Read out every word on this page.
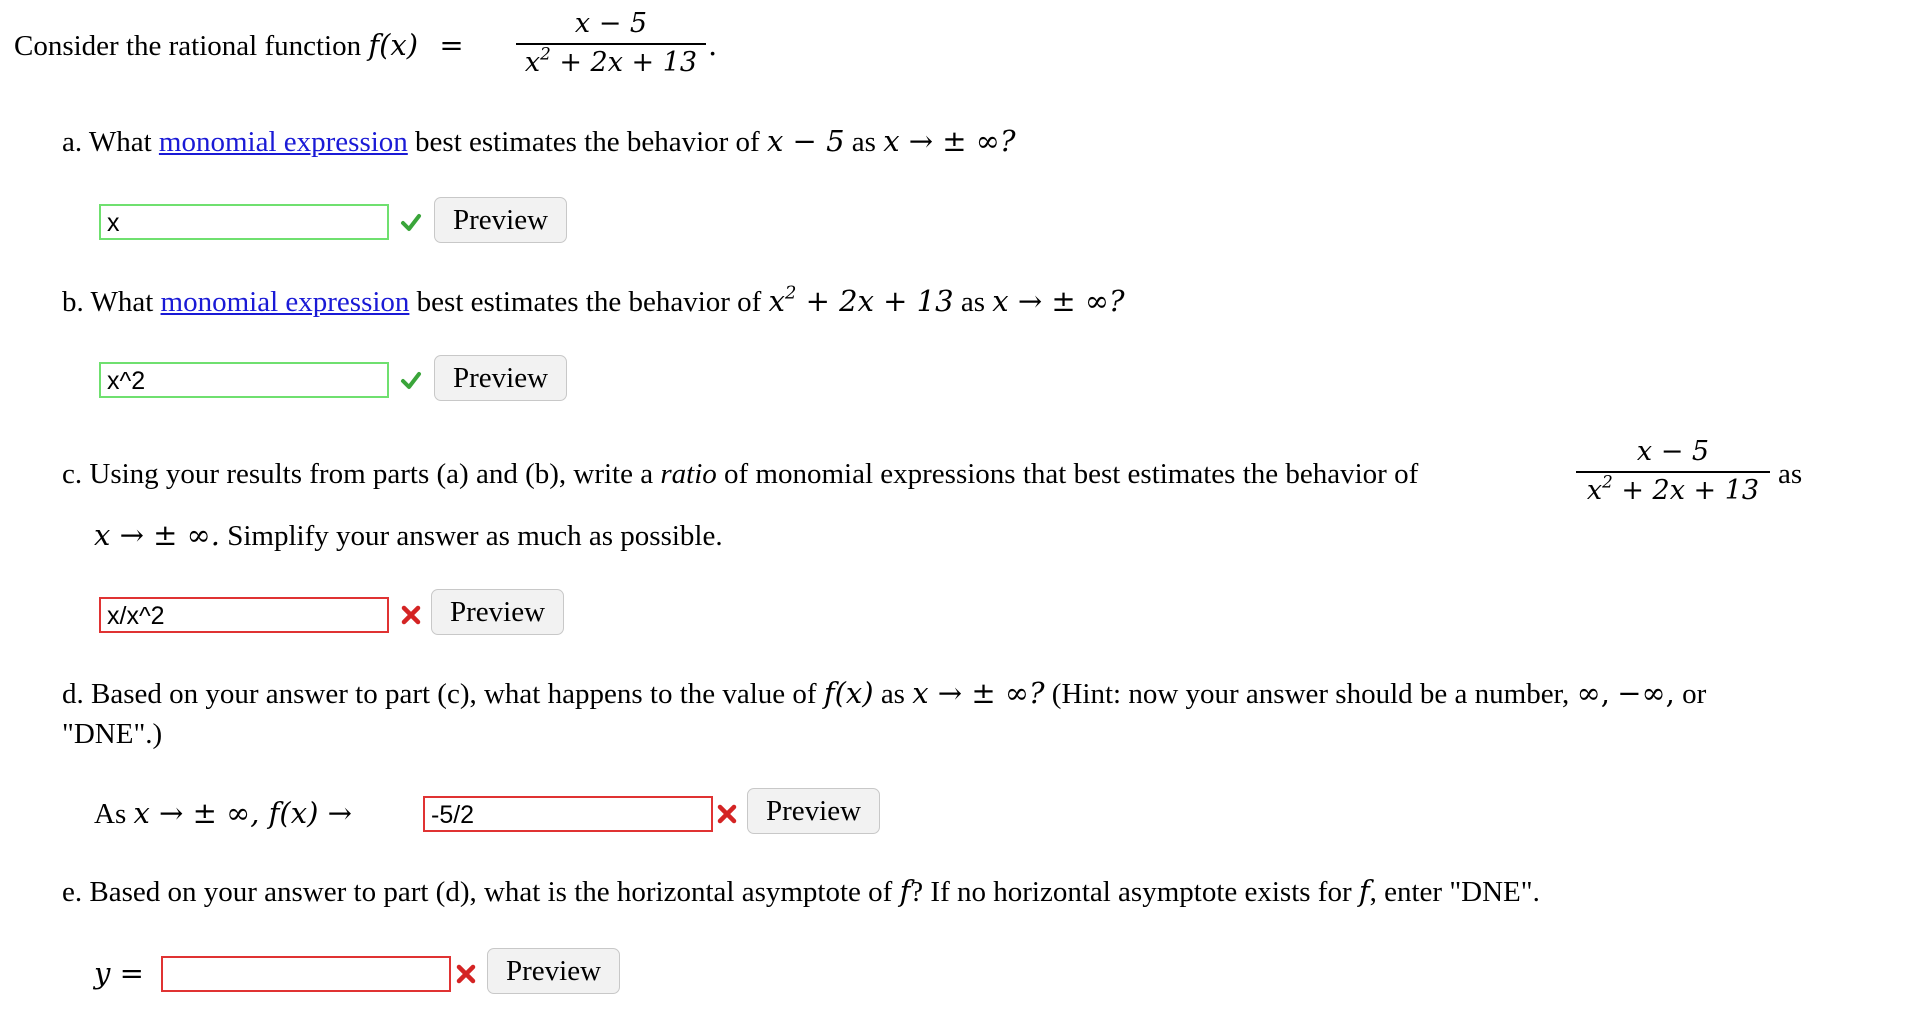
Consider the rational function f(x) =
x − 5
$x^2 + 2x + 13$
.
a. What monomial expression best estimates the behavior of x − 5 as x → ± ∞?
x	Preview
b. What monomial expression best estimates the behavior of $x^2 + 2x + 13$ as x → ± ∞?
x^2	Preview
c. Using your results from parts (a) and (b), write a ratio of monomial expressions that best estimates the behavior of
x − 5
$x^2 + 2x + 13$
as
x → ± ∞. Simplify your answer as much as possible.
x/x^2	Preview
d. Based on your answer to part (c), what happens to the value of f(x) as x → ± ∞? (Hint: now your answer should be a number, ∞, −∞, or
"DNE".)
As x → ± ∞, f(x) →	-5/2	Preview
e. Based on your answer to part (d), what is the horizontal asymptote of f? If no horizontal asymptote exists for f, enter "DNE".
y =	Preview
